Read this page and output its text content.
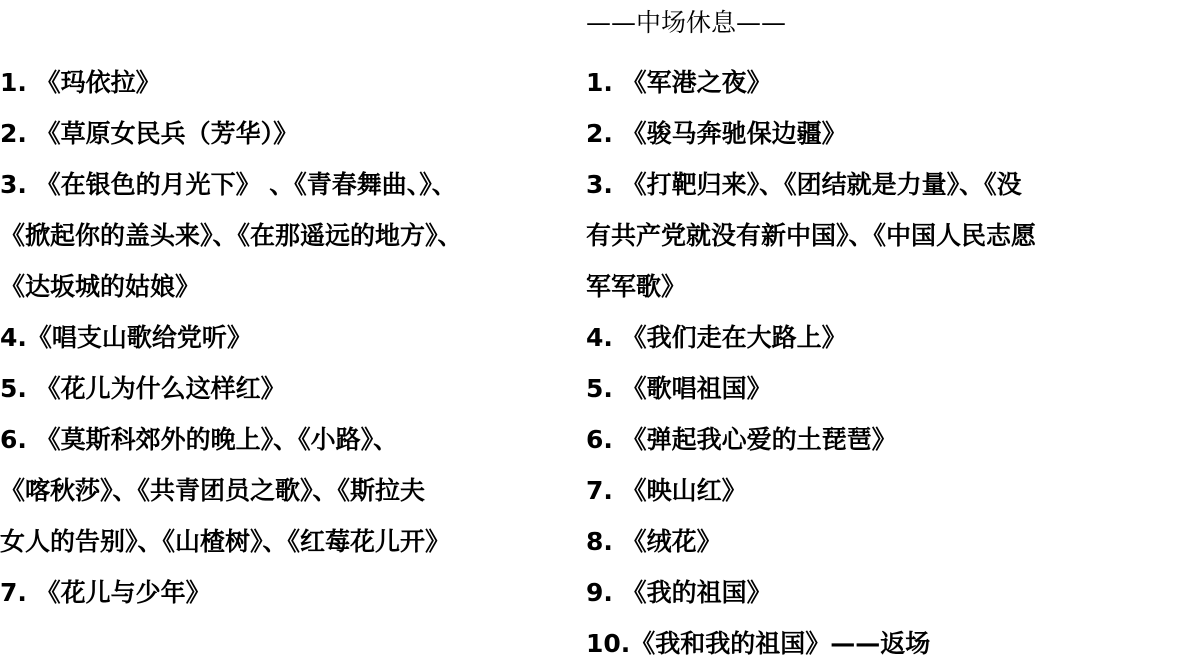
——中场休息——
1. 《玛依拉》
2. 《草原女民兵（芳华）》
3. 《在银色的月光下》 、《青春舞曲、》、
《掀起你的盖头来》、《在那遥远的地方》、
《达坂城的姑娘》
4.《唱支山歌给党听》
5. 《花儿为什么这样红》
6. 《莫斯科郊外的晚上》、《小路》、
《喀秋莎》、《共青团员之歌》、《斯拉夫
女人的告别》、《山楂树》、《红莓花儿开》
7. 《花儿与少年》
1. 《军港之夜》
2. 《骏马奔驰保边疆》
3. 《打靶归来》、《团结就是力量》、《没
有共产党就没有新中国》、《中国人民志愿
军军歌》
4. 《我们走在大路上》
5. 《歌唱祖国》
6. 《弹起我心爱的土琵琶》
7. 《映山红》
8. 《绒花》
9. 《我的祖国》
10.《我和我的祖国》——返场
